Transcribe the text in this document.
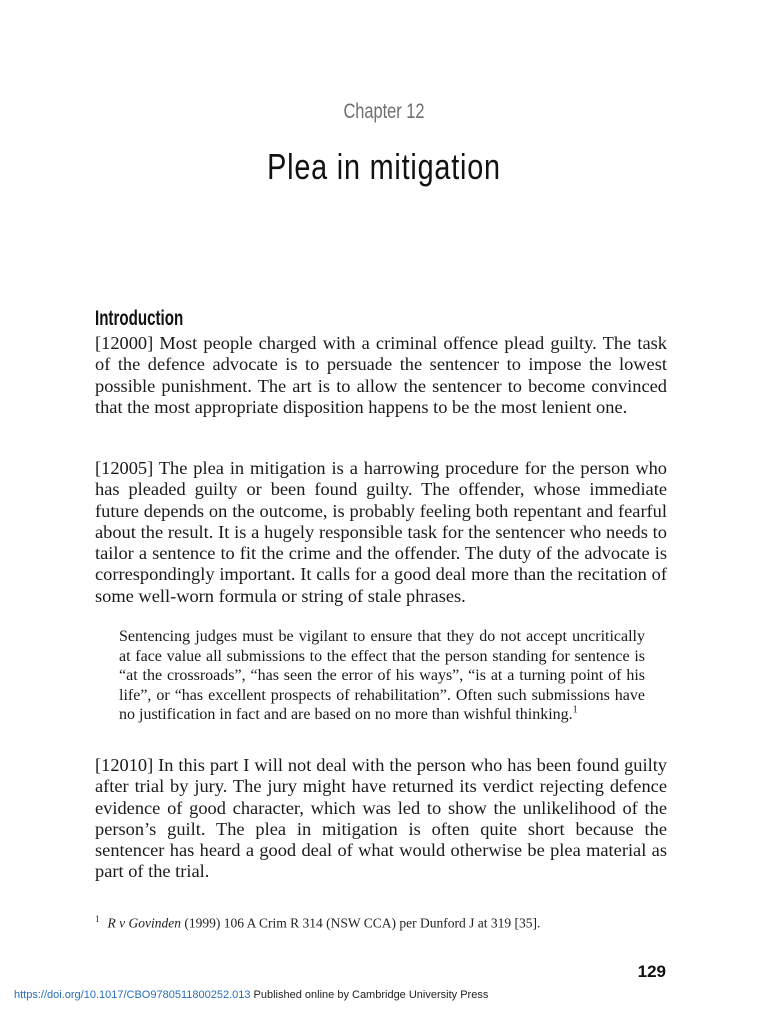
Chapter 12
Plea in mitigation
Introduction

[12000] Most people charged with a criminal offence plead guilty. The task of the defence advocate is to persuade the sentencer to impose the lowest possible punishment. The art is to allow the sentencer to become convinced that the most appropriate disposition happens to be the most lenient one.

[12005] The plea in mitigation is a harrowing procedure for the person who has pleaded guilty or been found guilty. The offender, whose immediate future depends on the outcome, is probably feeling both repentant and fearful about the result. It is a hugely responsible task for the sentencer who needs to tailor a sentence to fit the crime and the offender. The duty of the advocate is correspondingly important. It calls for a good deal more than the recitation of some well-worn formula or string of stale phrases.

Sentencing judges must be vigilant to ensure that they do not accept uncritically at face value all submissions to the effect that the person standing for sentence is “at the crossroads”, “has seen the error of his ways”, “is at a turning point of his life”, or “has excellent prospects of rehabilitation”. Often such submissions have no justification in fact and are based on no more than wishful thinking.$^1$

[12010] In this part I will not deal with the person who has been found guilty after trial by jury. The jury might have returned its verdict rejecting defence evidence of good character, which was led to show the unlikelihood of the person’s guilt. The plea in mitigation is often quite short because the sentencer has heard a good deal of what would otherwise be plea material as part of the trial.

$^1$ R v Govinden (1999) 106 A Crim R 314 (NSW CCA) per Dunford J at 319 [35].
129
https://doi.org/10.1017/CBO9780511800252.013 Published online by Cambridge University Press
